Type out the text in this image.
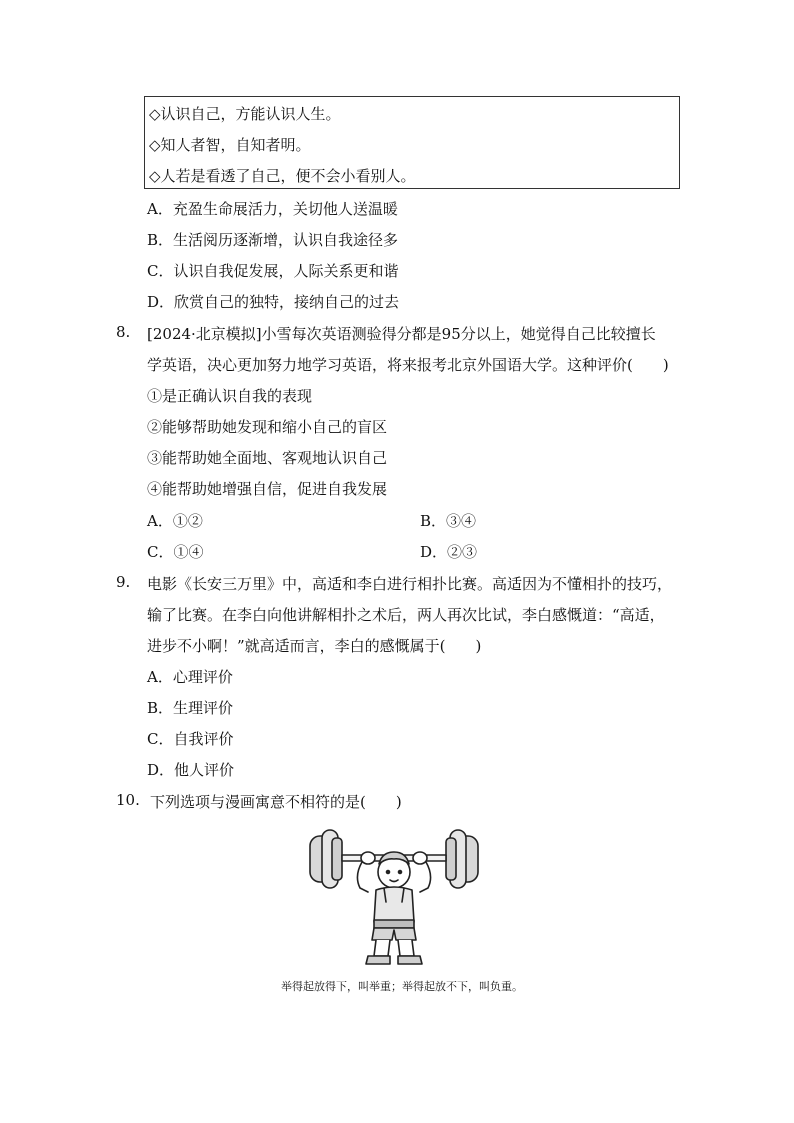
◇认识自己，方能认识人生。
◇知人者智，自知者明。
◇人若是看透了自己，便不会小看别人。
A．充盈生命展活力，关切他人送温暖
B．生活阅历逐渐增，认识自我途径多
C．认识自我促发展，人际关系更和谐
D．欣赏自己的独特，接纳自己的过去
8. [2024·北京模拟]小雪每次英语测验得分都是95分以上，她觉得自己比较擅长
学英语，决心更加努力地学习英语，将来报考北京外国语大学。这种评价(　　)
①是正确认识自我的表现
②能够帮助她发现和缩小自己的盲区
③能帮助她全面地、客观地认识自己
④能帮助她增强自信，促进自我发展
A．①②	B．③④
C．①④	D．②③
9. 电影《长安三万里》中，高适和李白进行相扑比赛。高适因为不懂相扑的技巧，
输了比赛。在李白向他讲解相扑之术后，两人再次比试，李白感慨道：“高适，
进步不小啊！”就高适而言，李白的感慨属于(　　)
A．心理评价
B．生理评价
C．自我评价
D．他人评价
10. 下列选项与漫画寓意不相符的是(　　)
举得起放得下，叫举重；举得起放不下，叫负重。
